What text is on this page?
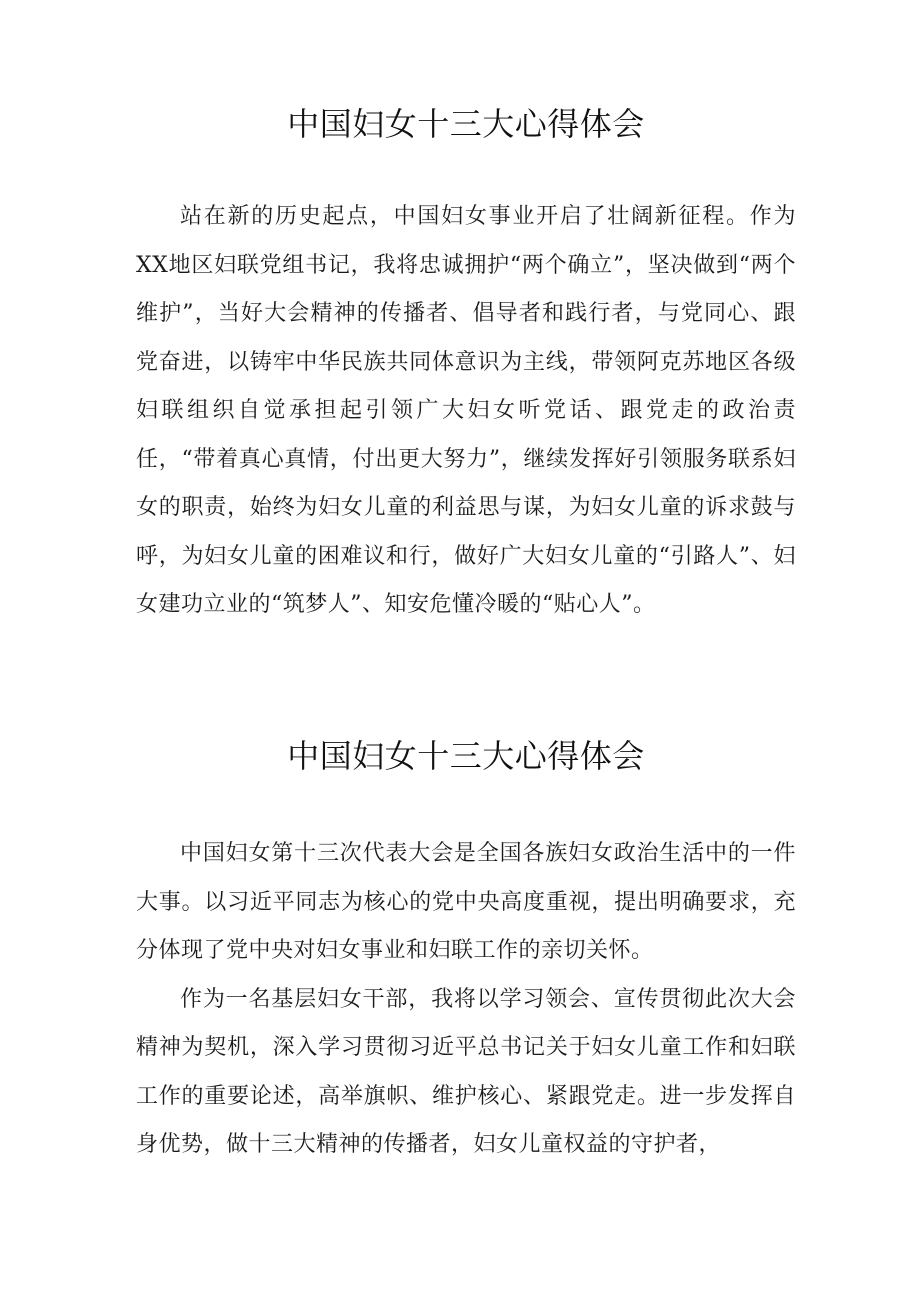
中国妇女十三大心得体会

站在新的历史起点，中国妇女事业开启了壮阔新征程。作为XX地区妇联党组书记，我将忠诚拥护“两个确立”，坚决做到“两个维护”，当好大会精神的传播者、倡导者和践行者，与党同心、跟党奋进，以铸牢中华民族共同体意识为主线，带领阿克苏地区各级妇联组织自觉承担起引领广大妇女听党话、跟党走的政治责任，“带着真心真情，付出更大努力”，继续发挥好引领服务联系妇女的职责，始终为妇女儿童的利益思与谋，为妇女儿童的诉求鼓与呼，为妇女儿童的困难议和行，做好广大妇女儿童的“引路人”、妇女建功立业的“筑梦人”、知安危懂冷暖的“贴心人”。

中国妇女十三大心得体会

中国妇女第十三次代表大会是全国各族妇女政治生活中的一件大事。以习近平同志为核心的党中央高度重视，提出明确要求，充分体现了党中央对妇女事业和妇联工作的亲切关怀。

作为一名基层妇女干部，我将以学习领会、宣传贯彻此次大会精神为契机，深入学习贯彻习近平总书记关于妇女儿童工作和妇联工作的重要论述，高举旗帜、维护核心、紧跟党走。进一步发挥自身优势，做十三大精神的传播者，妇女儿童权益的守护者，
